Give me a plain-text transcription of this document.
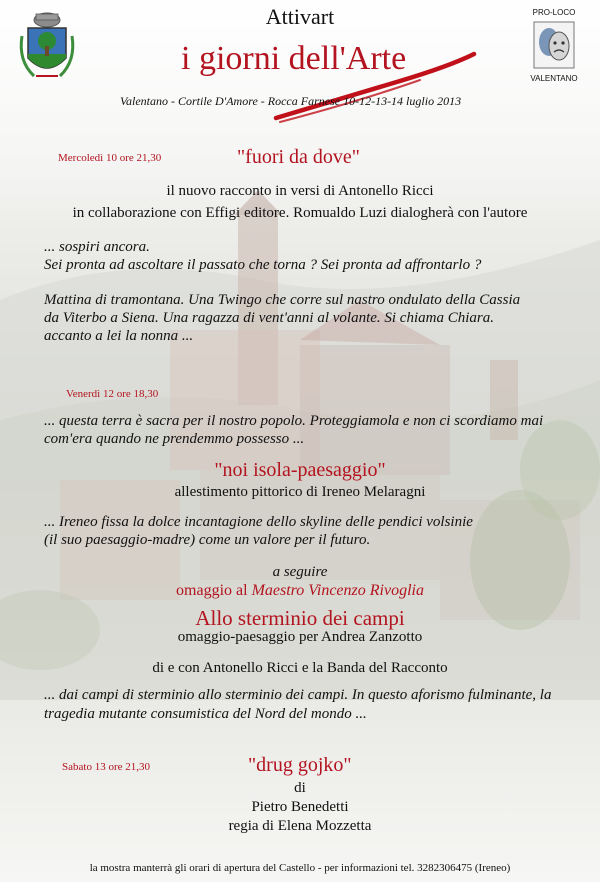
PRO-LOCO
VALENTANO
Attivart
i giorni dell'Arte
Valentano - Cortile D'Amore - Rocca Farnese 10-12-13-14 luglio 2013
Mercoledì 10 ore 21,30	"fuori da dove"
il nuovo racconto in versi di Antonello Ricci
in collaborazione con Effigi editore. Romualdo Luzi dialogherà con l'autore
... sospiri ancora.
Sei pronta ad ascoltare il passato che torna ? Sei pronta ad affrontarlo ?
Mattina di tramontana. Una Twingo che corre sul nastro ondulato della Cassia
da Viterbo a Siena. Una ragazza di vent'anni al volante. Si chiama Chiara.
accanto a lei la nonna ...
Venerdì 12 ore 18,30
... questa terra è sacra per il nostro popolo. Proteggiamola e non ci scordiamo mai
com'era quando ne prendemmo possesso ...
"noi isola-paesaggio"
allestimento pittorico di Ireneo Melaragni
... Ireneo fissa la dolce incantagione dello skyline delle pendici volsinie
(il suo paesaggio-madre) come un valore per il futuro.
a seguire
omaggio al Maestro Vincenzo Rivoglia
Allo sterminio dei campi
omaggio-paesaggio per Andrea Zanzotto
di e con Antonello Ricci e la Banda del Racconto
... dai campi di sterminio allo sterminio dei campi. In questo aforismo fulminante, la
tragedia mutante consumistica del Nord del mondo ...
Sabato 13 ore 21,30	"drug gojko"
di
Pietro Benedetti
regia di Elena Mozzetta
la mostra manterrà gli orari di apertura del Castello - per informazioni tel. 3282306475 (Ireneo)
